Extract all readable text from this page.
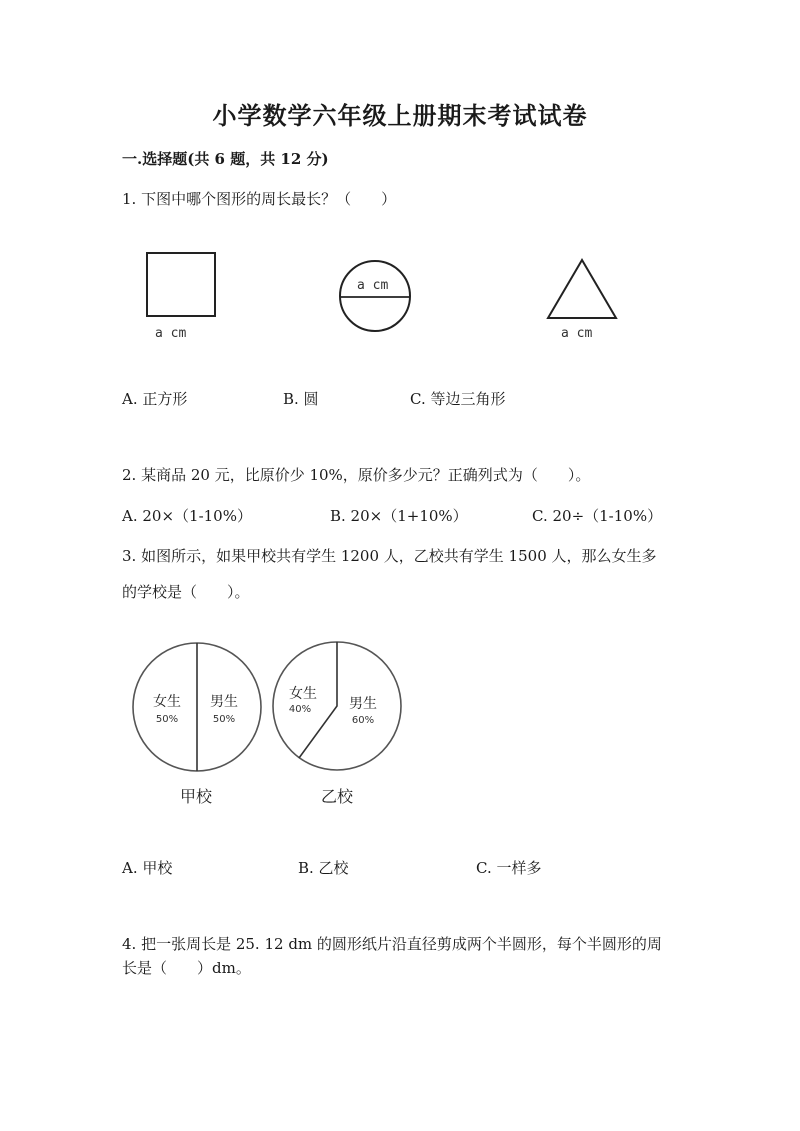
小学数学六年级上册期末考试试卷
一.选择题(共 6 题，共 12 分)
1. 下图中哪个图形的周长最长？（　　）
a cm
a cm
a cm
A. 正方形	B. 圆	C. 等边三角形
2. 某商品 20 元，比原价少 10%，原价多少元？正确列式为（　　）。
A. 20×（1-10%）	B. 20×（1+10%）	C. 20÷（1-10%）
3. 如图所示，如果甲校共有学生 1200 人，乙校共有学生 1500 人，那么女生多
的学校是（　　）。
女生
50%
男生
50%
甲校
女生
40%	男生
60%
乙校
A. 甲校	B. 乙校	C. 一样多
4. 把一张周长是 25. 12 dm 的圆形纸片沿直径剪成两个半圆形，每个半圆形的周
长是（　　）dm。
